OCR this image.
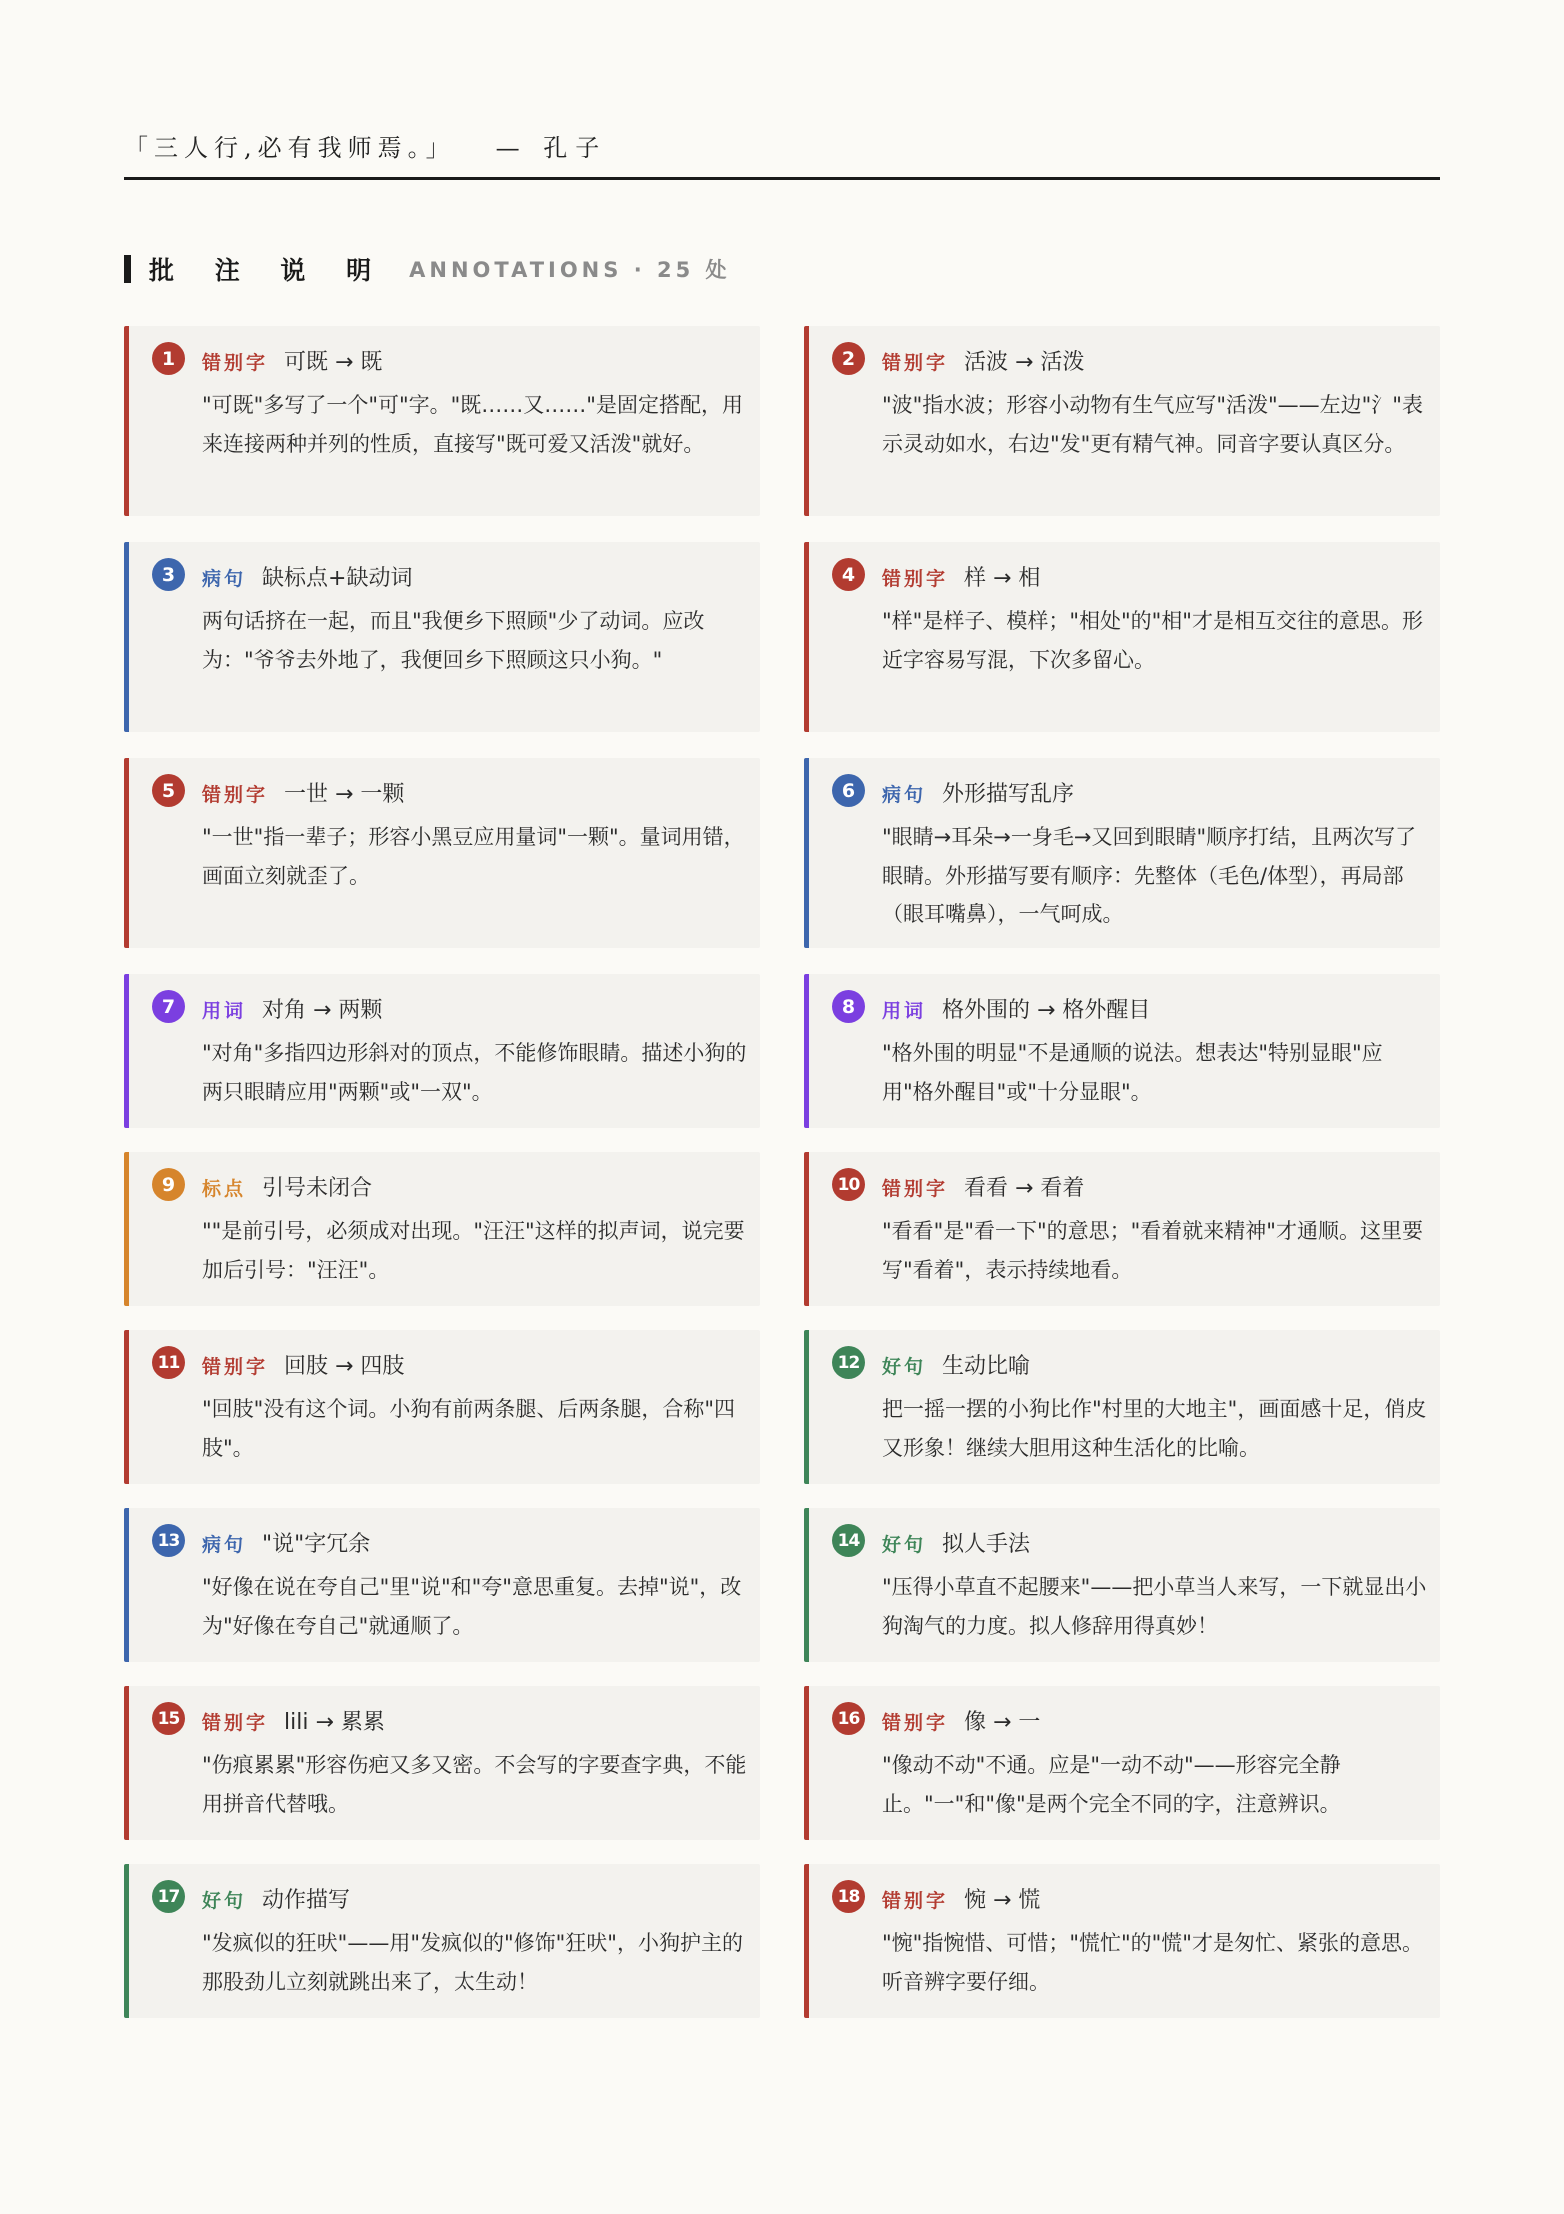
「三人行,必有我师焉。」 — 孔子
批 注 说 明 ANNOTATIONS · 25 处
1	错别字 可既 → 既
"可既"多写了一个"可"字。"既……又……"是固定搭配，用来连接两种并列的性质，直接写"既可爱又活泼"就好。
2	错别字 活波 → 活泼
"波"指水波；形容小动物有生气应写"活泼"——左边"氵"表示灵动如水，右边"发"更有精气神。同音字要认真区分。
3	病句 缺标点+缺动词
两句话挤在一起，而且"我便乡下照顾"少了动词。应改为："爷爷去外地了，我便回乡下照顾这只小狗。"
4	错别字 样 → 相
"样"是样子、模样；"相处"的"相"才是相互交往的意思。形近字容易写混，下次多留心。
5	错别字 一世 → 一颗
"一世"指一辈子；形容小黑豆应用量词"一颗"。量词用错，画面立刻就歪了。
6	病句 外形描写乱序
"眼睛→耳朵→一身毛→又回到眼睛"顺序打结，且两次写了眼睛。外形描写要有顺序：先整体（毛色/体型），再局部（眼耳嘴鼻），一气呵成。
7	用词 对角 → 两颗
"对角"多指四边形斜对的顶点，不能修饰眼睛。描述小狗的两只眼睛应用"两颗"或"一双"。
8	用词 格外围的 → 格外醒目
"格外围的明显"不是通顺的说法。想表达"特别显眼"应用"格外醒目"或"十分显眼"。
9	标点 引号未闭合
""是前引号，必须成对出现。"汪汪"这样的拟声词，说完要加后引号："汪汪"。
10 错别字 看看 → 看着
"看看"是"看一下"的意思；"看着就来精神"才通顺。这里要写"看着"，表示持续地看。
11 错别字 回肢 → 四肢
"回肢"没有这个词。小狗有前两条腿、后两条腿，合称"四肢"。
12 好句 生动比喻
把一摇一摆的小狗比作"村里的大地主"，画面感十足，俏皮又形象！继续大胆用这种生活化的比喻。
13 病句 "说"字冗余
"好像在说在夸自己"里"说"和"夸"意思重复。去掉"说"，改为"好像在夸自己"就通顺了。
14 好句 拟人手法
"压得小草直不起腰来"——把小草当人来写，一下就显出小狗淘气的力度。拟人修辞用得真妙！
15 错别字 lili → 累累
"伤痕累累"形容伤疤又多又密。不会写的字要查字典，不能用拼音代替哦。
16 错别字 像 → 一
"像动不动"不通。应是"一动不动"——形容完全静止。"一"和"像"是两个完全不同的字，注意辨识。
17 好句 动作描写
"发疯似的狂吠"——用"发疯似的"修饰"狂吠"，小狗护主的那股劲儿立刻就跳出来了，太生动！
18 错别字 惋 → 慌
"惋"指惋惜、可惜；"慌忙"的"慌"才是匆忙、紧张的意思。听音辨字要仔细。
